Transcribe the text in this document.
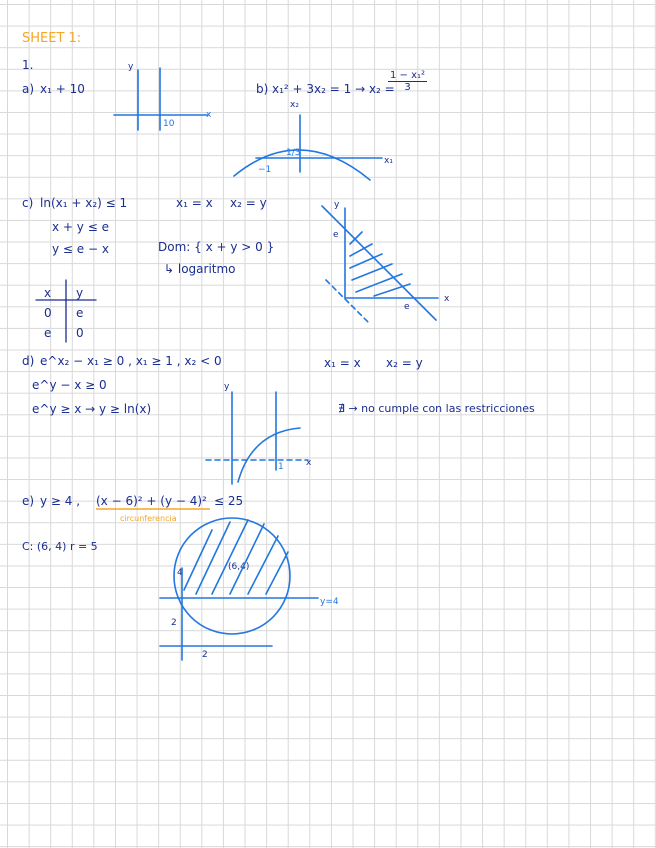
SHEET 1:
1.
a) x₁ + 10
y
10
x
b) x₁² + 3x₂ = 1 → x₂ =
$\frac{\text{1 − x₁²}}{3}$
x₂
x₁
1/3
−1
c) ln(x₁ + x₂) ≤ 1	x₁ = x x₂ = y
x + y ≤ e
y ≤ e − x	Dom: { x + y > 0 }
↳ logaritmo
x y
0 e
e 0
y
x
e
e
d) e^x₂ − x₁ ≥ 0 , x₁ ≥ 1 , x₂ < 0	x₁ = x x₂ = y
e^y − x ≥ 0
e^y ≥ x → y ≥ ln(x)	∄ → no cumple con las restricciones
y
x
1
e) y ≥ 4 , (x − 6)² + (y − 4)² ≤ 25
circunferencia
C: (6, 4) r = 5
(6,4)
y=4
2
2
4
